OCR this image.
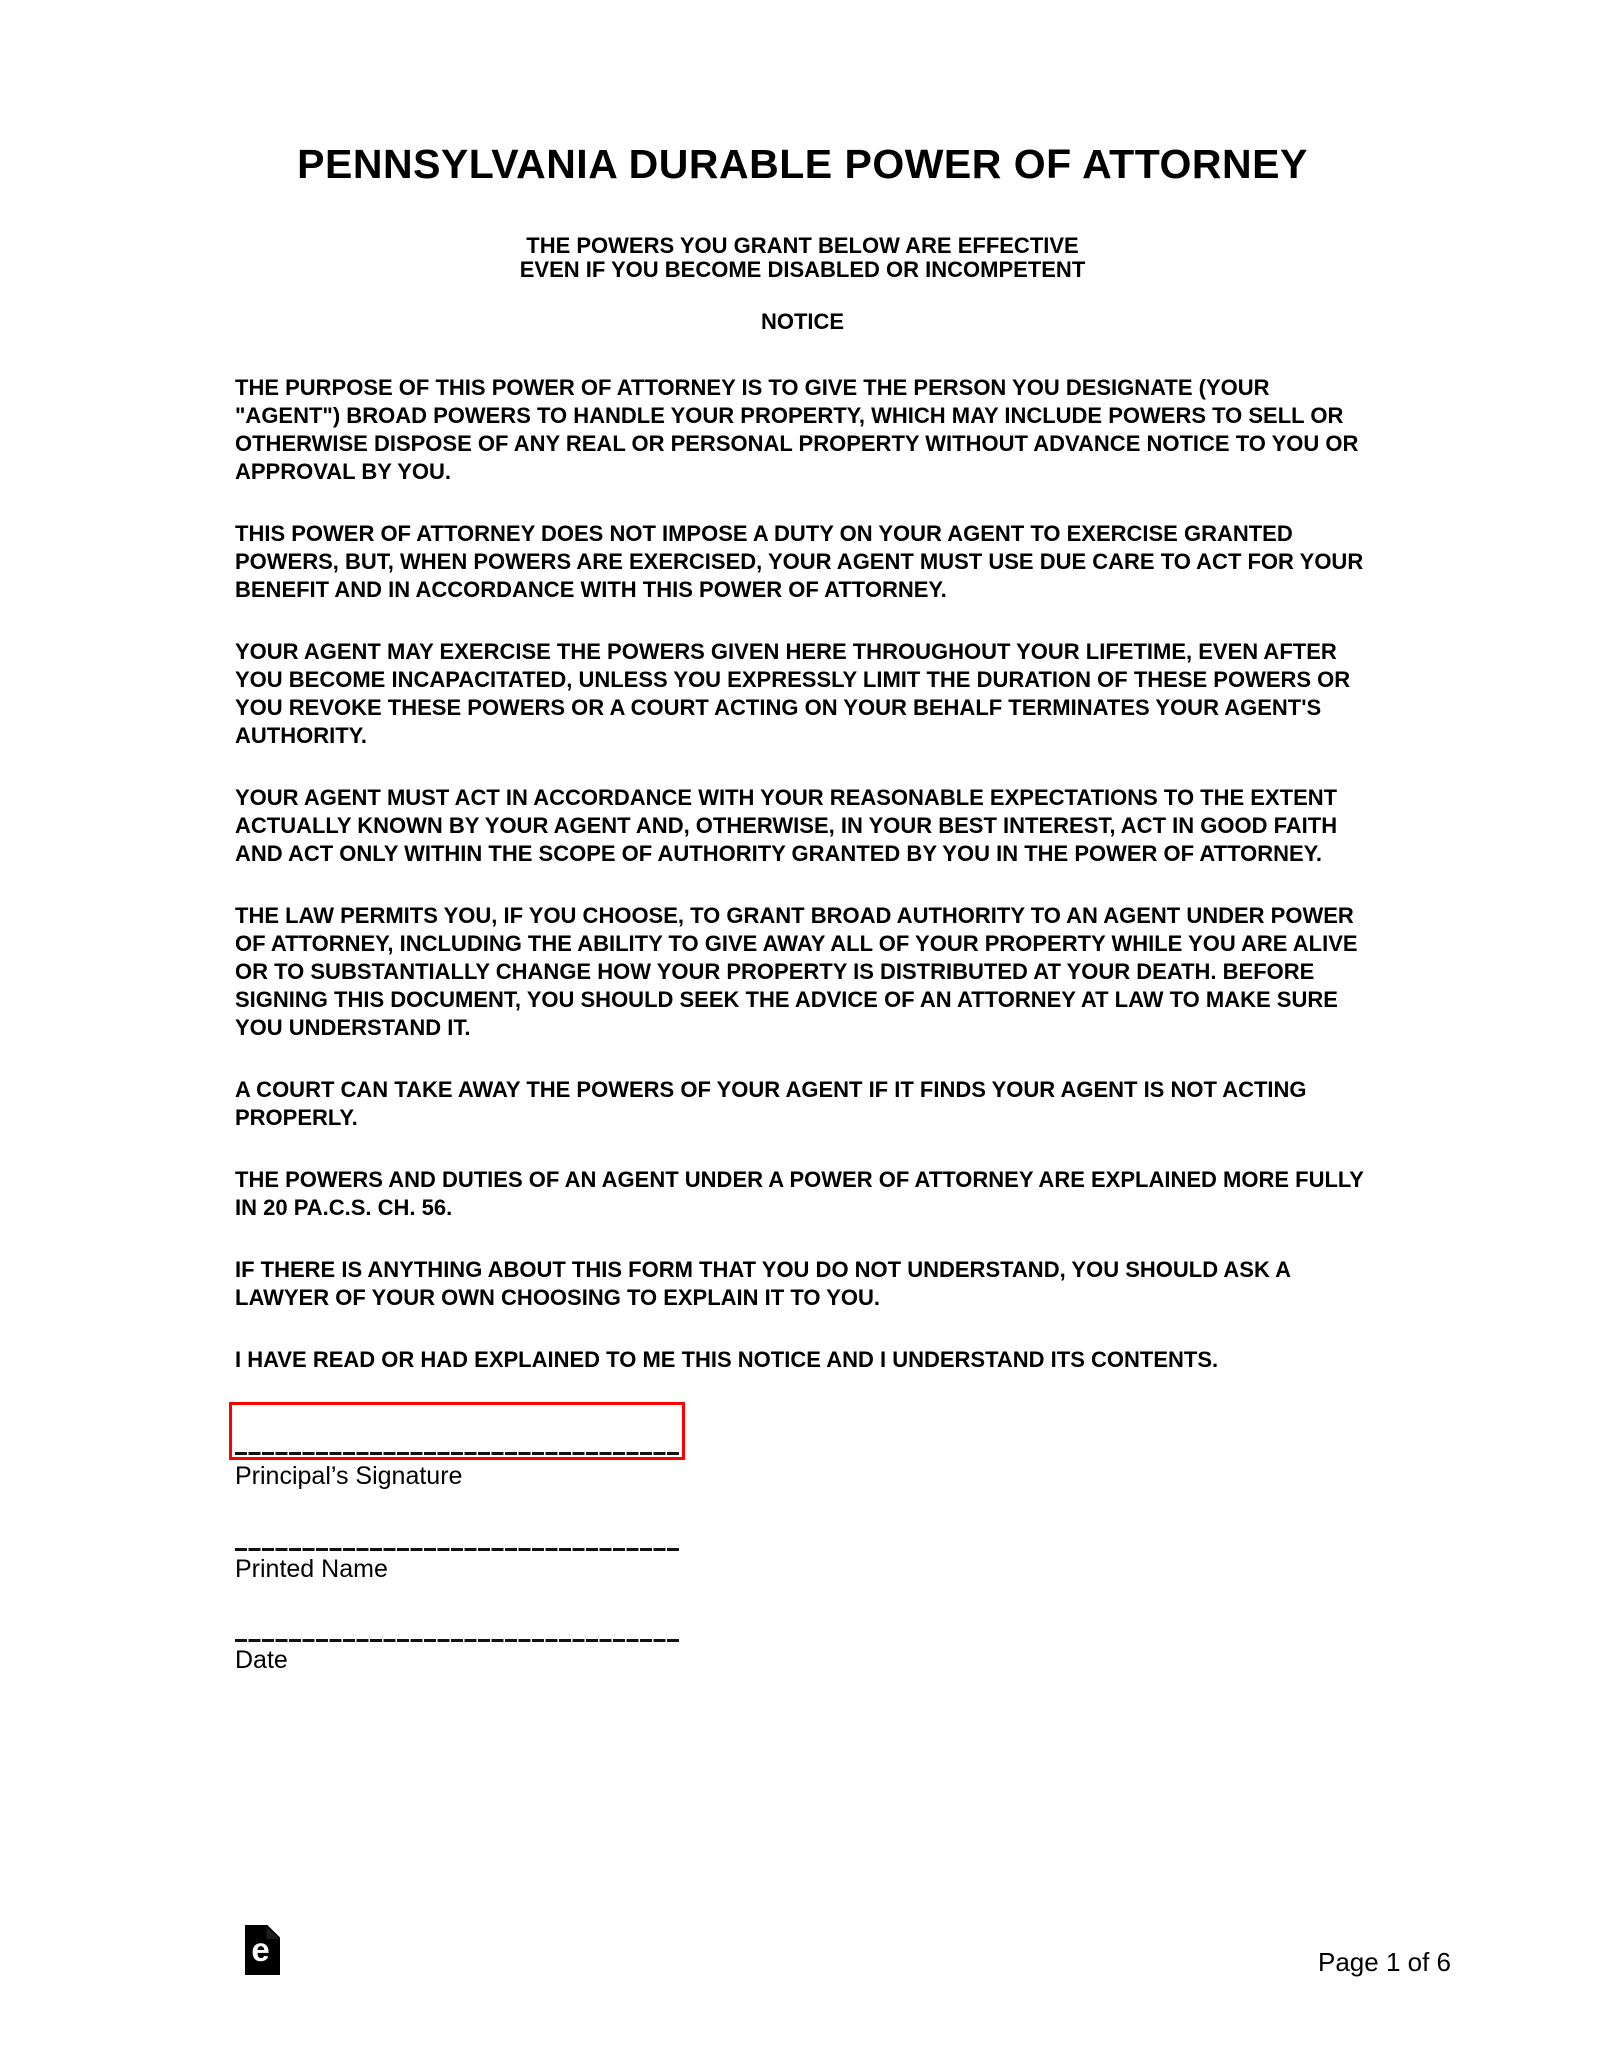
PENNSYLVANIA DURABLE POWER OF ATTORNEY
THE POWERS YOU GRANT BELOW ARE EFFECTIVE
EVEN IF YOU BECOME DISABLED OR INCOMPETENT
NOTICE

THE PURPOSE OF THIS POWER OF ATTORNEY IS TO GIVE THE PERSON YOU DESIGNATE (YOUR "AGENT") BROAD POWERS TO HANDLE YOUR PROPERTY, WHICH MAY INCLUDE POWERS TO SELL OR OTHERWISE DISPOSE OF ANY REAL OR PERSONAL PROPERTY WITHOUT ADVANCE NOTICE TO YOU OR APPROVAL BY YOU.

THIS POWER OF ATTORNEY DOES NOT IMPOSE A DUTY ON YOUR AGENT TO EXERCISE GRANTED POWERS, BUT, WHEN POWERS ARE EXERCISED, YOUR AGENT MUST USE DUE CARE TO ACT FOR YOUR BENEFIT AND IN ACCORDANCE WITH THIS POWER OF ATTORNEY.

YOUR AGENT MAY EXERCISE THE POWERS GIVEN HERE THROUGHOUT YOUR LIFETIME, EVEN AFTER YOU BECOME INCAPACITATED, UNLESS YOU EXPRESSLY LIMIT THE DURATION OF THESE POWERS OR YOU REVOKE THESE POWERS OR A COURT ACTING ON YOUR BEHALF TERMINATES YOUR AGENT'S AUTHORITY.

YOUR AGENT MUST ACT IN ACCORDANCE WITH YOUR REASONABLE EXPECTATIONS TO THE EXTENT ACTUALLY KNOWN BY YOUR AGENT AND, OTHERWISE, IN YOUR BEST INTEREST, ACT IN GOOD FAITH AND ACT ONLY WITHIN THE SCOPE OF AUTHORITY GRANTED BY YOU IN THE POWER OF ATTORNEY.

THE LAW PERMITS YOU, IF YOU CHOOSE, TO GRANT BROAD AUTHORITY TO AN AGENT UNDER POWER OF ATTORNEY, INCLUDING THE ABILITY TO GIVE AWAY ALL OF YOUR PROPERTY WHILE YOU ARE ALIVE OR TO SUBSTANTIALLY CHANGE HOW YOUR PROPERTY IS DISTRIBUTED AT YOUR DEATH. BEFORE SIGNING THIS DOCUMENT, YOU SHOULD SEEK THE ADVICE OF AN ATTORNEY AT LAW TO MAKE SURE YOU UNDERSTAND IT.

A COURT CAN TAKE AWAY THE POWERS OF YOUR AGENT IF IT FINDS YOUR AGENT IS NOT ACTING PROPERLY.

THE POWERS AND DUTIES OF AN AGENT UNDER A POWER OF ATTORNEY ARE EXPLAINED MORE FULLY IN 20 PA.C.S. CH. 56.

IF THERE IS ANYTHING ABOUT THIS FORM THAT YOU DO NOT UNDERSTAND, YOU SHOULD ASK A LAWYER OF YOUR OWN CHOOSING TO EXPLAIN IT TO YOU.

I HAVE READ OR HAD EXPLAINED TO ME THIS NOTICE AND I UNDERSTAND ITS CONTENTS.

Principal’s Signature
Printed Name
Date
e	Page 1 of 6
